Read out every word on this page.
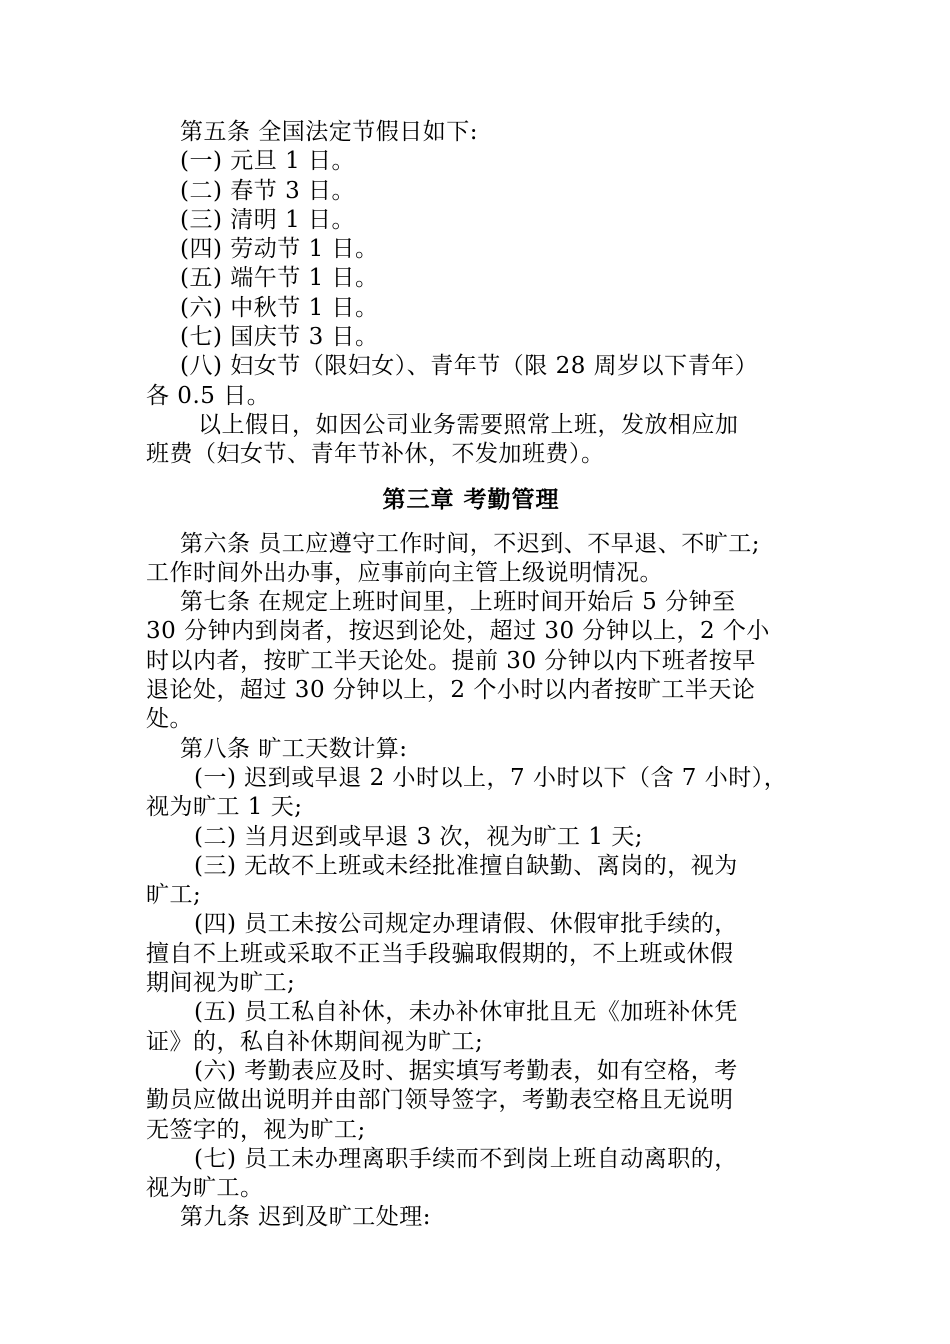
第五条 全国法定节假日如下:
(一) 元旦 1 日。
(二) 春节 3 日。
(三) 清明 1 日。
(四) 劳动节 1 日。
(五) 端午节 1 日。
(六) 中秋节 1 日。
(七) 国庆节 3 日。
(八) 妇女节（限妇女）、青年节（限 28 周岁以下青年）
各 0.5 日。
以上假日，如因公司业务需要照常上班，发放相应加
班费（妇女节、青年节补休，不发加班费）。
第三章 考勤管理
第六条 员工应遵守工作时间，不迟到、不早退、不旷工;
工作时间外出办事，应事前向主管上级说明情况。
第七条 在规定上班时间里，上班时间开始后 5 分钟至
30 分钟内到岗者，按迟到论处，超过 30 分钟以上，2 个小
时以内者，按旷工半天论处。提前 30 分钟以内下班者按早
退论处，超过 30 分钟以上，2 个小时以内者按旷工半天论
处。
第八条 旷工天数计算:
(一) 迟到或早退 2 小时以上，7 小时以下（含 7 小时），
视为旷工 1 天;
(二) 当月迟到或早退 3 次，视为旷工 1 天;
(三) 无故不上班或未经批准擅自缺勤、离岗的，视为
旷工;
(四) 员工未按公司规定办理请假、休假审批手续的，
擅自不上班或采取不正当手段骗取假期的，不上班或休假
期间视为旷工;
(五) 员工私自补休，未办补休审批且无《加班补休凭
证》的，私自补休期间视为旷工;
(六) 考勤表应及时、据实填写考勤表，如有空格，考
勤员应做出说明并由部门领导签字，考勤表空格且无说明
无签字的，视为旷工;
(七) 员工未办理离职手续而不到岗上班自动离职的，
视为旷工。
第九条 迟到及旷工处理:
